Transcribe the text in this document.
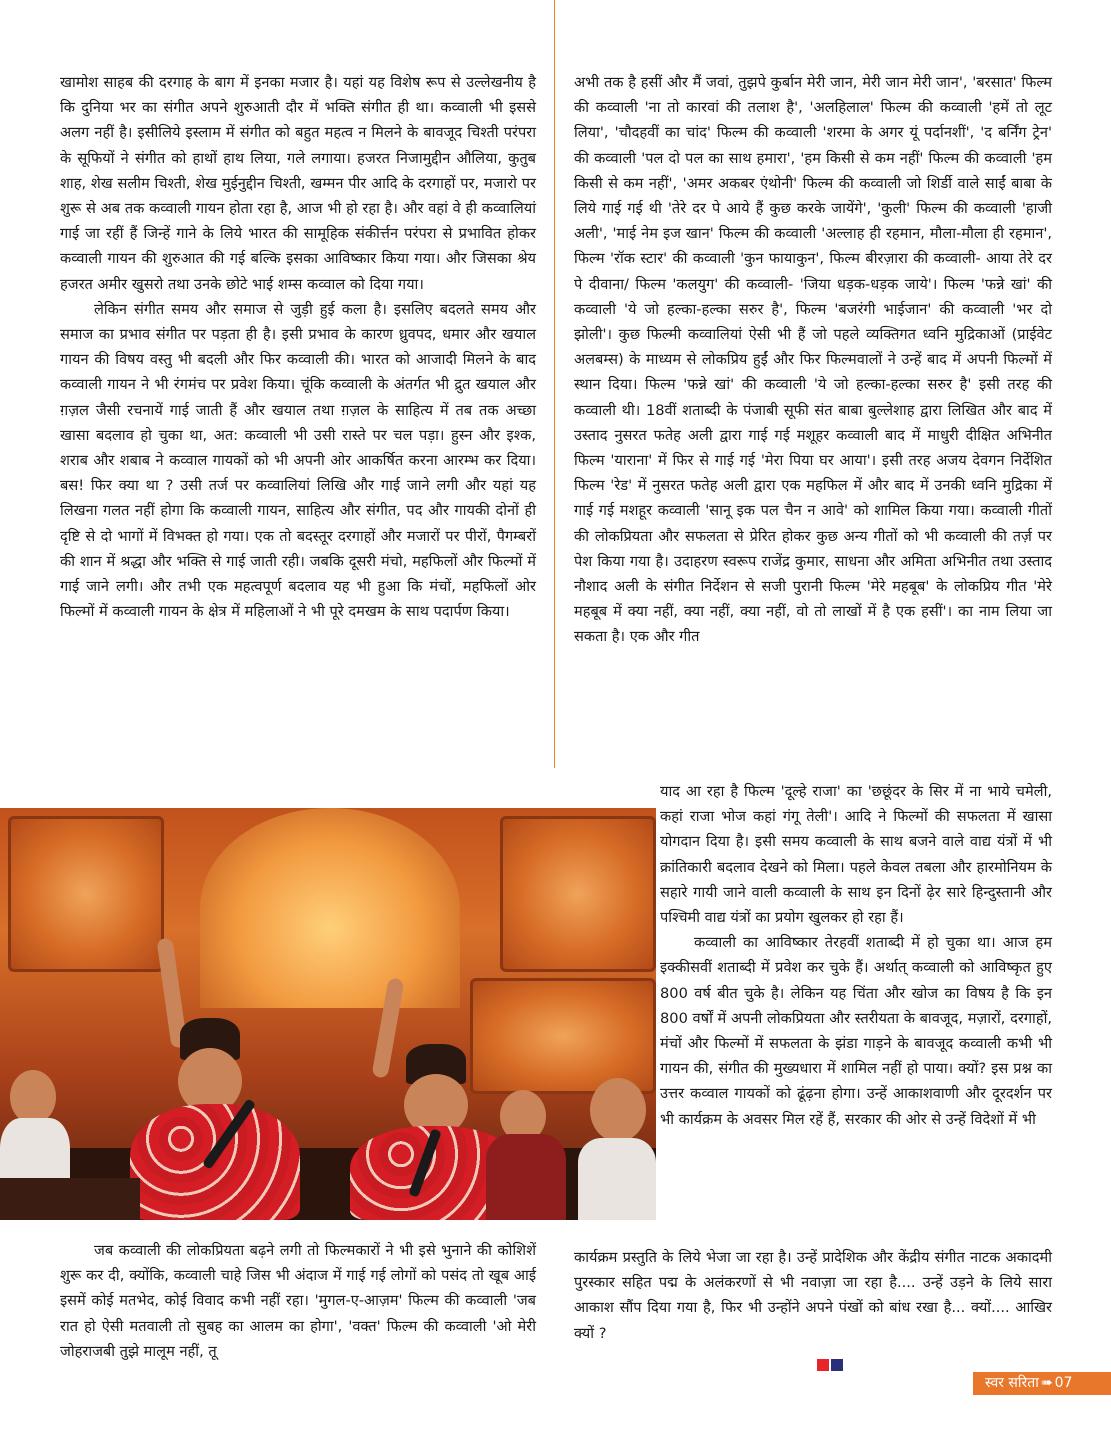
खामोश साहब की दरगाह के बाग में इनका मजार है। यहां यह विशेष रूप से उल्लेखनीय है कि दुनिया भर का संगीत अपने शुरुआती दौर में भक्ति संगीत ही था। कव्वाली भी इससे अलग नहीं है। इसीलिये इस्लाम में संगीत को बहुत महत्व न मिलने के बावजूद चिश्ती परंपरा के सूफियों ने संगीत को हाथों हाथ लिया, गले लगाया। हजरत निजामुद्दीन औलिया, कुतुब शाह, शेख सलीम चिश्ती, शेख मुईनुद्दीन चिश्ती, खम्मन पीर आदि के दरगाहों पर, मजारो पर शुरू से अब तक कव्वाली गायन होता रहा है, आज भी हो रहा है। और वहां वे ही कव्वालियां गाई जा रहीं हैं जिन्हें गाने के लिये भारत की सामूहिक संकीर्त्तन परंपरा से प्रभावित होकर कव्वाली गायन की शुरुआत की गई बल्कि इसका आविष्कार किया गया। और जिसका श्रेय हजरत अमीर खुसरो तथा उनके छोटे भाई शम्स कव्वाल को दिया गया।

लेकिन संगीत समय और समाज से जुड़ी हुई कला है। इसलिए बदलते समय और समाज का प्रभाव संगीत पर पड़ता ही है। इसी प्रभाव के कारण ध्रुवपद, धमार और खयाल गायन की विषय वस्तु भी बदली और फिर कव्वाली की। भारत को आजादी मिलने के बाद कव्वाली गायन ने भी रंगमंच पर प्रवेश किया। चूंकि कव्वाली के अंतर्गत भी द्रुत खयाल और ग़ज़ल जैसी रचनायें गाई जाती हैं और खयाल तथा ग़ज़ल के साहित्य में तब तक अच्छा खासा बदलाव हो चुका था, अत: कव्वाली भी उसी रास्ते पर चल पड़ा। हुस्न और इश्क, शराब और शबाब ने कव्वाल गायकों को भी अपनी ओर आकर्षित करना आरम्भ कर दिया। बस! फिर क्या था ? उसी तर्ज पर कव्वालियां लिखि और गाई जाने लगी और यहां यह लिखना गलत नहीं होगा कि कव्वाली गायन, साहित्य और संगीत, पद और गायकी दोनों ही दृष्टि से दो भागों में विभक्त हो गया। एक तो बदस्तूर दरगाहों और मजारों पर पीरों, पैगम्बरों की शान में श्रद्धा और भक्ति से गाई जाती रही। जबकि दूसरी मंचो, महफिलों और फिल्मों में गाई जाने लगी। और तभी एक महत्वपूर्ण बदलाव यह भी हुआ कि मंचों, महफिलों ओर फिल्मों में कव्वाली गायन के क्षेत्र में महिलाओं ने भी पूरे दमखम के साथ पदार्पण किया।

अभी तक है हसीं और मैं जवां, तुझपे कुर्बान मेरी जान, मेरी जान मेरी जान', 'बरसात' फिल्म की कव्वाली 'ना तो कारवां की तलाश है', 'अलहिलाल' फिल्म की कव्वाली 'हमें तो लूट लिया', 'चौदहवीं का चांद' फिल्म की कव्वाली 'शरमा के अगर यूं पर्दानशीं', 'द बर्निंग ट्रेन' की कव्वाली 'पल दो पल का साथ हमारा', 'हम किसी से कम नहीं' फिल्म की कव्वाली 'हम किसी से कम नहीं', 'अमर अकबर एंथोनी' फिल्म की कव्वाली जो शिर्डी वाले साईं बाबा के लिये गाई गई थी 'तेरे दर पे आये हैं कुछ करके जायेंगे', 'कुली' फिल्म की कव्वाली 'हाजी अली', 'माई नेम इज खान' फिल्म की कव्वाली 'अल्लाह ही रहमान, मौला-मौला ही रहमान', फिल्म 'रॉक स्टार' की कव्वाली 'कुन फायाकुन', फिल्म बीरज़ारा की कव्वाली- आया तेरे दर पे दीवाना/ फिल्म 'कलयुग' की कव्वाली- 'जिया धड़क-धड़क जाये'। फिल्म 'फन्ने खां' की कव्वाली 'ये जो हल्का-हल्का सरुर है', फिल्म 'बजरंगी भाईजान' की कव्वाली 'भर दो झोली'। कुछ फिल्मी कव्वालियां ऐसी भी हैं जो पहले व्यक्तिगत ध्वनि मुद्रिकाओं (प्राईवेट अलबम्स) के माध्यम से लोकप्रिय हुईं और फिर फिल्मवालों ने उन्हें बाद में अपनी फिल्मों में स्थान दिया। फिल्म 'फन्ने खां' की कव्वाली 'ये जो हल्का-हल्का सरुर है' इसी तरह की कव्वाली थी। 18वीं शताब्दी के पंजाबी सूफी संत बाबा बुल्लेशाह द्वारा लिखित और बाद में उस्ताद नुसरत फतेह अली द्वारा गाई गई मशूहर कव्वाली बाद में माधुरी दीक्षित अभिनीत फिल्म 'याराना' में फिर से गाई गई 'मेरा पिया घर आया'। इसी तरह अजय देवगन निर्देशित फिल्म 'रेड' में नुसरत फतेह अली द्वारा एक महफिल में और बाद में उनकी ध्वनि मुद्रिका में गाई गई मशहूर कव्वाली 'सानू इक पल चैन न आवे' को शामिल किया गया। कव्वाली गीतों की लोकप्रियता और सफलता से प्रेरित होकर कुछ अन्य गीतों को भी कव्वाली की तर्ज़ पर पेश किया गया है। उदाहरण स्वरूप राजेंद्र कुमार, साधना और अमिता अभिनीत तथा उस्ताद नौशाद अली के संगीत निर्देशन से सजी पुरानी फिल्म 'मेरे महबूब' के लोकप्रिय गीत 'मेरे महबूब में क्या नहीं, क्या नहीं, क्या नहीं, वो तो लाखों में है एक हसीं'। का नाम लिया जा सकता है। एक और गीत

याद आ रहा है फिल्म 'दूल्हे राजा' का 'छछूंदर के सिर में ना भाये चमेली, कहां राजा भोज कहां गंगू तेली'। आदि ने फिल्मों की सफलता में खासा योगदान दिया है। इसी समय कव्वाली के साथ बजने वाले वाद्य यंत्रों में भी क्रांतिकारी बदलाव देखने को मिला। पहले केवल तबला और हारमोनियम के सहारे गायी जाने वाली कव्वाली के साथ इन दिनों ढ़ेर सारे हिन्दुस्तानी और पश्चिमी वाद्य यंत्रों का प्रयोग खुलकर हो रहा हैं।

कव्वाली का आविष्कार तेरहवीं शताब्दी में हो चुका था। आज हम इक्कीसवीं शताब्दी में प्रवेश कर चुके हैं। अर्थात् कव्वाली को आविष्कृत हुए 800 वर्ष बीत चुके है। लेकिन यह चिंता और खोज का विषय है कि इन 800 वर्षों में अपनी लोकप्रियता और स्तरीयता के बावजूद, मज़ारों, दरगाहों, मंचों और फिल्मों में सफलता के झंडा गाड़ने के बावजूद कव्वाली कभी भी गायन की, संगीत की मुख्यधारा में शामिल नहीं हो पाया। क्यों? इस प्रश्न का उत्तर कव्वाल गायकों को ढूंढ़ना होगा। उन्हें आकाशवाणी और दूरदर्शन पर भी कार्यक्रम के अवसर मिल रहें हैं, सरकार की ओर से उन्हें विदेशों में भी

कार्यक्रम प्रस्तुति के लिये भेजा जा रहा है। उन्हें प्रादेशिक और केंद्रीय संगीत नाटक अकादमी पुरस्कार सहित पद्म के अलंकरणों से भी नवाज़ा जा रहा है.... उन्हें उड़ने के लिये सारा आकाश सौंप दिया गया है, फिर भी उन्होंने अपने पंखों को बांध रखा है... क्यों.... आखिर क्यों ?

जब कव्वाली की लोकप्रियता बढ़ने लगी तो फिल्मकारों ने भी इसे भुनाने की कोशिशें शुरू कर दी, क्योंकि, कव्वाली चाहे जिस भी अंदाज में गाई गई लोगों को पसंद तो खूब आई इसमें कोई मतभेद, कोई विवाद कभी नहीं रहा। 'मुगल-ए-आज़म' फिल्म की कव्वाली 'जब रात हो ऐसी मतवाली तो सुबह का आलम का होगा', 'वक्त' फिल्म की कव्वाली 'ओ मेरी जोहराजबी तुझे मालूम नहीं, तू

स्वर सरिता ➠ 07
